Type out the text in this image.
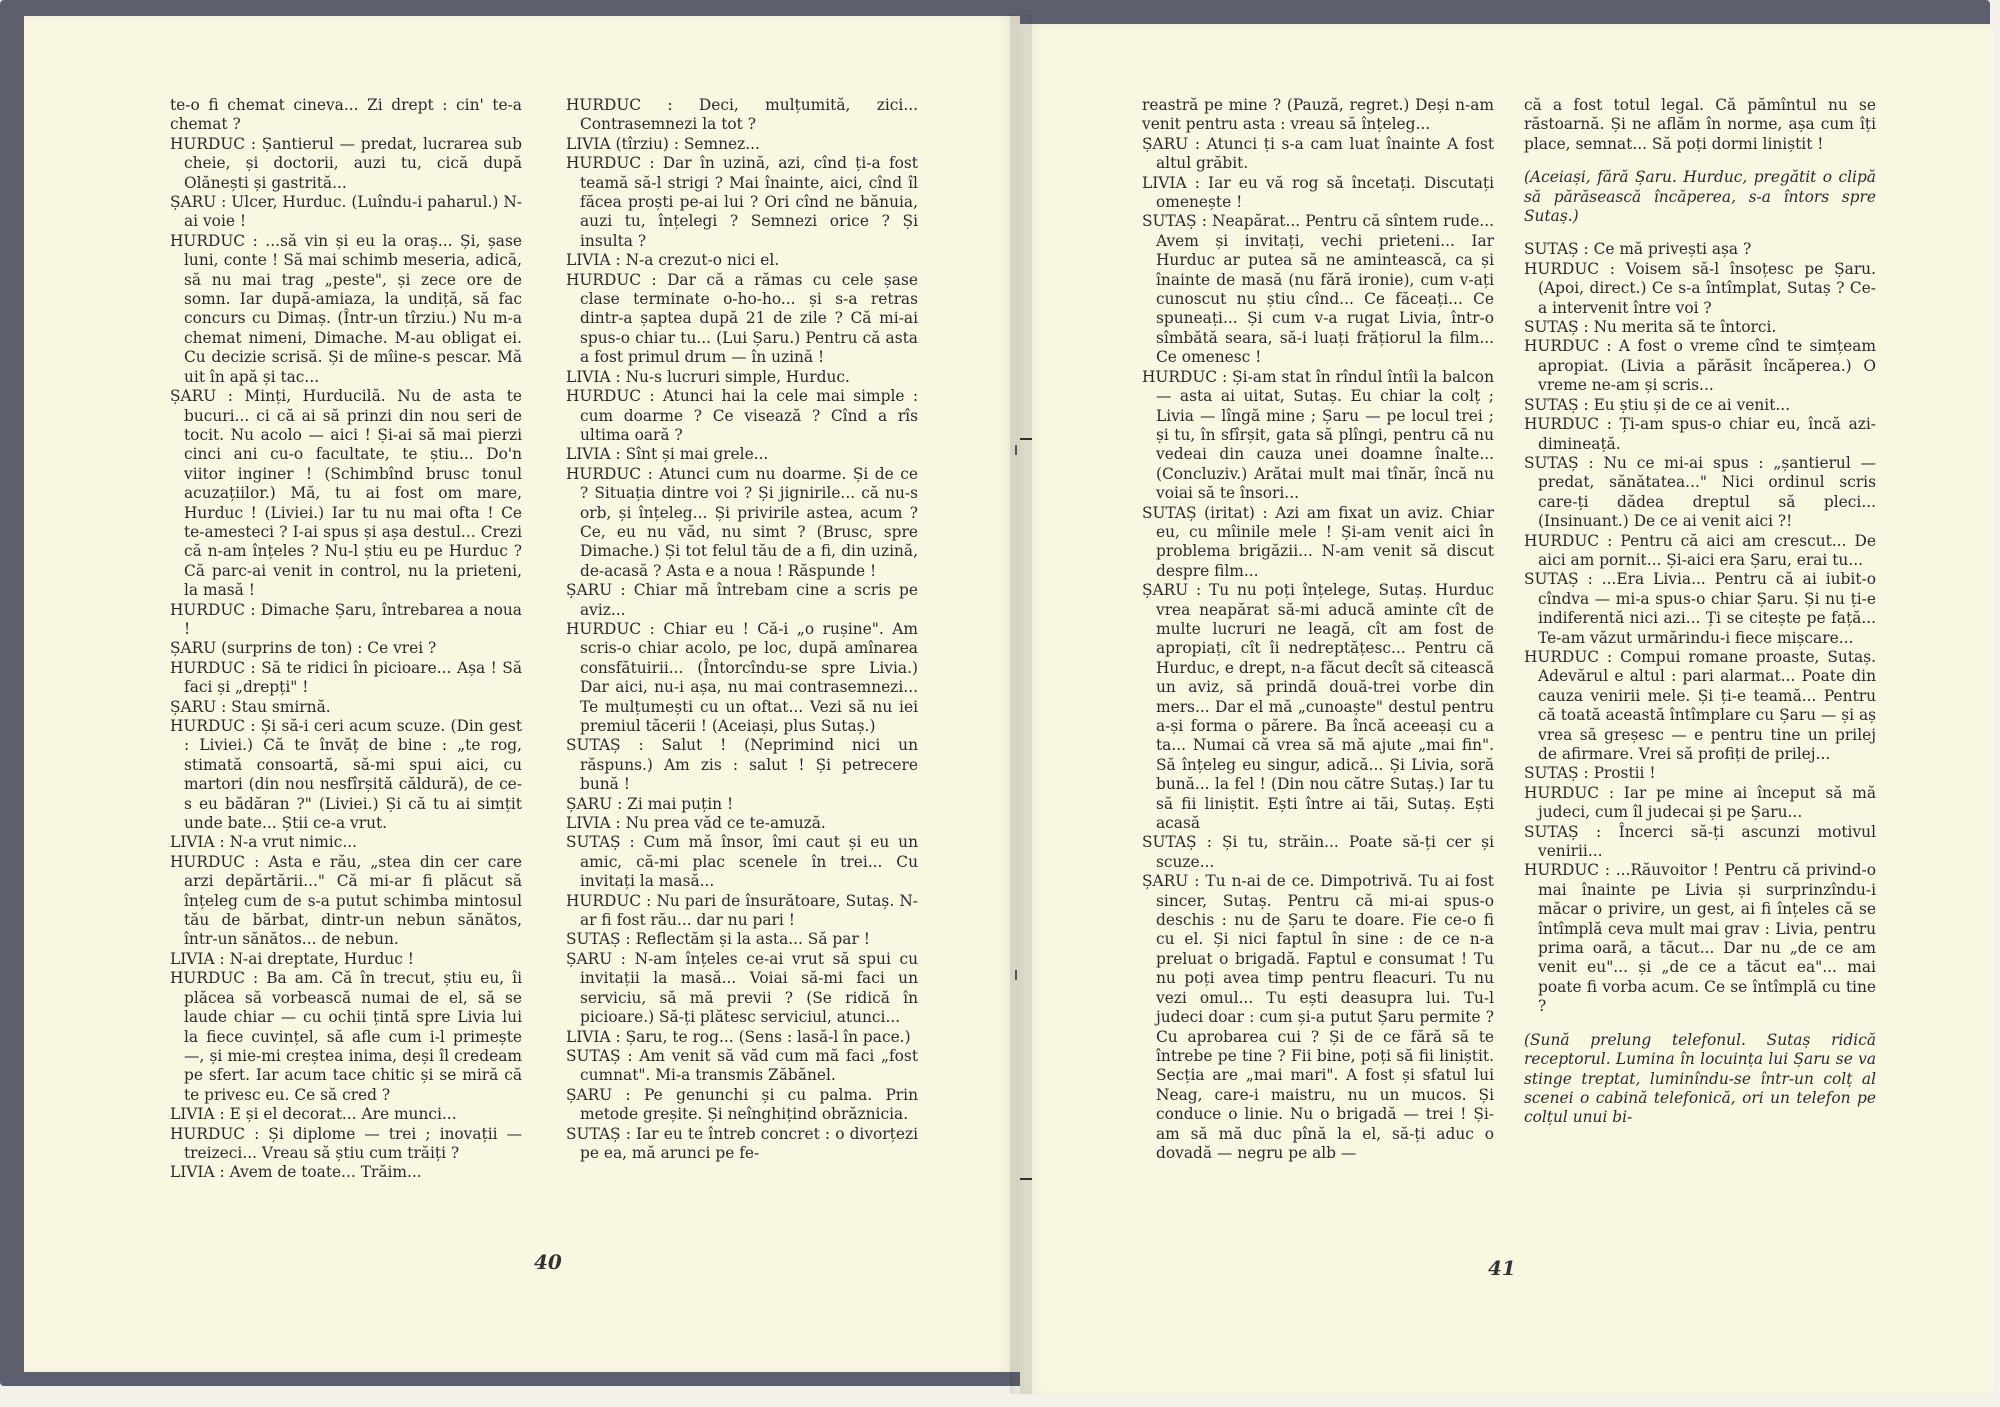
te-o fi chemat cineva... Zi drept : cin' te-a chemat ?

HURDUC : Șantierul — predat, lucrarea sub cheie, și doctorii, auzi tu, cică după Olănești și gastrită...

ȘARU : Ulcer, Hurduc. (Luîndu-i paharul.) N-ai voie !

HURDUC : ...să vin și eu la oraș... Și, șase luni, conte ! Să mai schimb meseria, adică, să nu mai trag „peste", și zece ore de somn. Iar după-amiaza, la undiță, să fac concurs cu Dimaș. (Într-un tîrziu.) Nu m-a chemat nimeni, Dimache. M-au obligat ei. Cu decizie scrisă. Și de mîine-s pescar. Mă uit în apă și tac...

ȘARU : Minți, Hurducilă. Nu de asta te bucuri... ci că ai să prinzi din nou seri de tocit. Nu acolo — aici ! Și-ai să mai pierzi cinci ani cu-o facultate, te știu... Do'n viitor inginer ! (Schimbînd brusc tonul acuzațiilor.) Mă, tu ai fost om mare, Hurduc ! (Liviei.) Iar tu nu mai ofta ! Ce te-amesteci ? I-ai spus și așa destul... Crezi că n-am înțeles ? Nu-l știu eu pe Hurduc ? Că parc-ai venit in control, nu la prieteni, la masă !

HURDUC : Dimache Șaru, întrebarea a noua !

ȘARU (surprins de ton) : Ce vrei ?

HURDUC : Să te ridici în picioare... Așa ! Să faci și „drepți" !

ȘARU : Stau smirnă.

HURDUC : Și să-i ceri acum scuze. (Din gest : Liviei.) Că te învăț de bine : „te rog, stimată consoartă, să-mi spui aici, cu martori (din nou nesfîrșită căldură), de ce-s eu bădăran ?" (Liviei.) Și că tu ai simțit unde bate... Știi ce-a vrut.

LIVIA : N-a vrut nimic...

HURDUC : Asta e rău, „stea din cer care arzi depărtării..." Că mi-ar fi plăcut să înțeleg cum de s-a putut schimba mintosul tău de bărbat, dintr-un nebun sănătos, într-un sănătos... de nebun.

LIVIA : N-ai dreptate, Hurduc !

HURDUC : Ba am. Că în trecut, știu eu, îi plăcea să vorbească numai de el, să se laude chiar — cu ochii țintă spre Livia lui la fiece cuvințel, să afle cum i-l primește —, și mie-mi creștea inima, deși îl credeam pe sfert. Iar acum tace chitic și se miră că te privesc eu. Ce să cred ?

LIVIA : E și el decorat... Are munci...

HURDUC : Și diplome — trei ; inovații — treizeci... Vreau să știu cum trăiți ?

LIVIA : Avem de toate... Trăim...

HURDUC : Deci, mulțumită, zici... Contrasemnezi la tot ?

LIVIA (tîrziu) : Semnez...

HURDUC : Dar în uzină, azi, cînd ți-a fost teamă să-l strigi ? Mai înainte, aici, cînd îl făcea proști pe-ai lui ? Ori cînd ne bănuia, auzi tu, înțelegi ? Semnezi orice ? Și insulta ?

LIVIA : N-a crezut-o nici el.

HURDUC : Dar că a rămas cu cele șase clase terminate o-ho-ho... și s-a retras dintr-a șaptea după 21 de zile ? Că mi-ai spus-o chiar tu... (Lui Șaru.) Pentru că asta a fost primul drum — în uzină !

LIVIA : Nu-s lucruri simple, Hurduc.

HURDUC : Atunci hai la cele mai simple : cum doarme ? Ce visează ? Cînd a rîs ultima oară ?

LIVIA : Sînt și mai grele...

HURDUC : Atunci cum nu doarme. Și de ce ? Situația dintre voi ? Și jignirile... că nu-s orb, și înțeleg... Și privirile astea, acum ? Ce, eu nu văd, nu simt ? (Brusc, spre Dimache.) Și tot felul tău de a fi, din uzină, de-acasă ? Asta e a noua ! Răspunde !

ȘARU : Chiar mă întrebam cine a scris pe aviz...

HURDUC : Chiar eu ! Că-i „o rușine". Am scris-o chiar acolo, pe loc, după amînarea consfătuirii... (Întorcîndu-se spre Livia.) Dar aici, nu-i așa, nu mai contrasemnezi... Te mulțumești cu un oftat... Vezi să nu iei premiul tăcerii ! (Aceiași, plus Sutaș.)

SUTAȘ : Salut ! (Neprimind nici un răspuns.) Am zis : salut ! Și petrecere bună !

ȘARU : Zi mai puțin !

LIVIA : Nu prea văd ce te-amuză.

SUTAȘ : Cum mă însor, îmi caut și eu un amic, că-mi plac scenele în trei... Cu invitați la masă...

HURDUC : Nu pari de însurătoare, Sutaș. N-ar fi fost rău... dar nu pari !

SUTAȘ : Reflectăm și la asta... Să par !

ȘARU : N-am înțeles ce-ai vrut să spui cu invitații la masă... Voiai să-mi faci un serviciu, să mă previi ? (Se ridică în picioare.) Să-ți plătesc serviciul, atunci...

LIVIA : Șaru, te rog... (Sens : lasă-l în pace.)

SUTAȘ : Am venit să văd cum mă faci „fost cumnat". Mi-a transmis Zăbănel.

ȘARU : Pe genunchi și cu palma. Prin metode greșite. Și neînghițind obrăznicia.

SUTAȘ : Iar eu te întreb concret : o divorțezi pe ea, mă arunci pe fe-

40

reastră pe mine ? (Pauză, regret.) Deși n-am venit pentru asta : vreau să înțeleg...

ȘARU : Atunci ți s-a cam luat înainte A fost altul grăbit.

LIVIA : Iar eu vă rog să încetați. Discutați omenește !

SUTAȘ : Neapărat... Pentru că sîntem rude... Avem și invitați, vechi prieteni... Iar Hurduc ar putea să ne amintească, ca și înainte de masă (nu fără ironie), cum v-ați cunoscut nu știu cînd... Ce făceați... Ce spuneați... Și cum v-a rugat Livia, într-o sîmbătă seara, să-i luați frățiorul la film... Ce omenesc !

HURDUC : Și-am stat în rîndul întîi la balcon — asta ai uitat, Sutaș. Eu chiar la colț ; Livia — lîngă mine ; Șaru — pe locul trei ; și tu, în sfîrșit, gata să plîngi, pentru că nu vedeai din cauza unei doamne înalte... (Concluziv.) Arătai mult mai tînăr, încă nu voiai să te însori...

SUTAȘ (iritat) : Azi am fixat un aviz. Chiar eu, cu mîinile mele ! Și-am venit aici în problema brigăzii... N-am venit să discut despre film...

ȘARU : Tu nu poți înțelege, Sutaș. Hurduc vrea neapărat să-mi aducă aminte cît de multe lucruri ne leagă, cît am fost de apropiați, cît îi nedreptățesc... Pentru că Hurduc, e drept, n-a făcut decît să citească un aviz, să prindă două-trei vorbe din mers... Dar el mă „cunoaște" destul pentru a-și forma o părere. Ba încă aceeași cu a ta... Numai că vrea să mă ajute „mai fin". Să înțeleg eu singur, adică... Și Livia, soră bună... la fel ! (Din nou către Sutaș.) Iar tu să fii liniștit. Ești între ai tăi, Sutaș. Ești acasă

SUTAȘ : Și tu, străin... Poate să-ți cer și scuze...

ȘARU : Tu n-ai de ce. Dimpotrivă. Tu ai fost sincer, Sutaș. Pentru că mi-ai spus-o deschis : nu de Șaru te doare. Fie ce-o fi cu el. Și nici faptul în sine : de ce n-a preluat o brigadă. Faptul e consumat ! Tu nu poți avea timp pentru fleacuri. Tu nu vezi omul... Tu ești deasupra lui. Tu-l judeci doar : cum și-a putut Șaru permite ? Cu aprobarea cui ? Și de ce fără să te întrebe pe tine ? Fii bine, poți să fii liniștit. Secția are „mai mari". A fost și sfatul lui Neag, care-i maistru, nu un mucos. Și conduce o linie. Nu o brigadă — trei ! Și-am să mă duc pînă la el, să-ți aduc o dovadă — negru pe alb —

că a fost totul legal. Că pămîntul nu se răstoarnă. Și ne aflăm în norme, așa cum îți place, semnat... Să poți dormi liniștit !

(Aceiași, fără Șaru. Hurduc, pregătit o clipă să părăsească încăperea, s-a întors spre Sutaș.)

SUTAȘ : Ce mă privești așa ?

HURDUC : Voisem să-l însoțesc pe Șaru. (Apoi, direct.) Ce s-a întîmplat, Sutaș ? Ce-a intervenit între voi ?

SUTAȘ : Nu merita să te întorci.

HURDUC : A fost o vreme cînd te simțeam apropiat. (Livia a părăsit încăperea.) O vreme ne-am și scris...

SUTAȘ : Eu știu și de ce ai venit...

HURDUC : Ți-am spus-o chiar eu, încă azi-dimineață.

SUTAȘ : Nu ce mi-ai spus : „șantierul — predat, sănătatea..." Nici ordinul scris care-ți dădea dreptul să pleci... (Insinuant.) De ce ai venit aici ?!

HURDUC : Pentru că aici am crescut... De aici am pornit... Și-aici era Șaru, erai tu...

SUTAȘ : ...Era Livia... Pentru că ai iubit-o cîndva — mi-a spus-o chiar Șaru. Și nu ți-e indiferentă nici azi... Ți se citește pe față... Te-am văzut urmărindu-i fiece mișcare...

HURDUC : Compui romane proaste, Sutaș. Adevărul e altul : pari alarmat... Poate din cauza venirii mele. Și ți-e teamă... Pentru că toată această întîmplare cu Șaru — și aș vrea să greșesc — e pentru tine un prilej de afirmare. Vrei să profiți de prilej...

SUTAȘ : Prostii !

HURDUC : Iar pe mine ai început să mă judeci, cum îl judecai și pe Șaru...

SUTAȘ : Încerci să-ți ascunzi motivul venirii...

HURDUC : ...Răuvoitor ! Pentru că privind-o mai înainte pe Livia și surprinzîndu-i măcar o privire, un gest, ai fi înțeles că se întîmplă ceva mult mai grav : Livia, pentru prima oară, a tăcut... Dar nu „de ce am venit eu"... și „de ce a tăcut ea"... mai poate fi vorba acum. Ce se întîmplă cu tine ?

(Sună prelung telefonul. Sutaș ridică receptorul. Lumina în locuința lui Șaru se va stinge treptat, luminîndu-se într-un colț al scenei o cabină telefonică, ori un telefon pe colțul unui bi-

41
